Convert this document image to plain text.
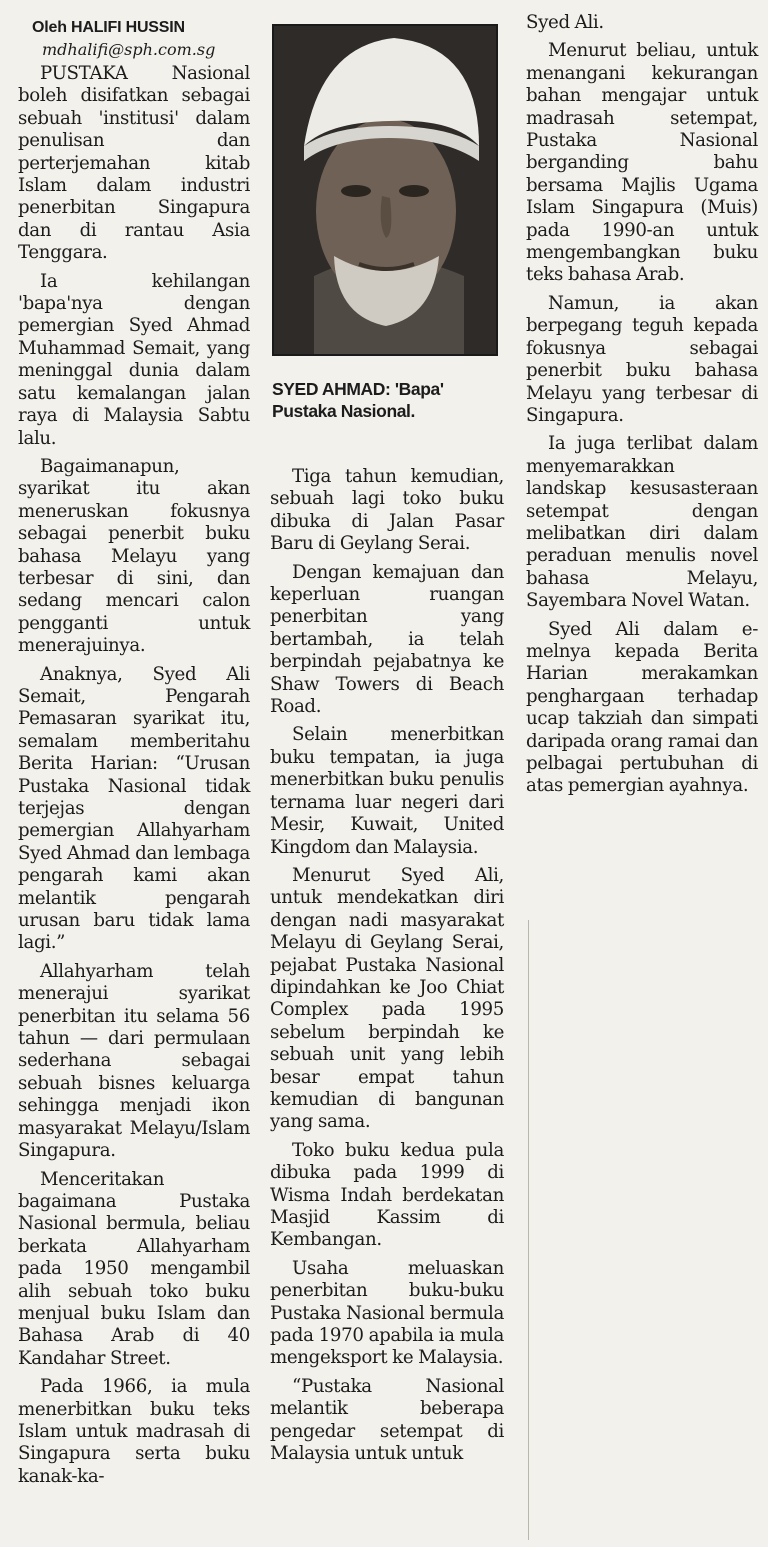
Oleh HALIFI HUSSIN
mdhalifi@sph.com.sg

PUSTAKA Nasional boleh disifatkan sebagai sebuah 'institusi' dalam penulisan dan perterjemahan kitab Islam dalam industri penerbitan Singapura dan di rantau Asia Tenggara.

Ia kehilangan 'bapa'nya dengan pemergian Syed Ahmad Muhammad Semait, yang meninggal dunia dalam satu kemalangan jalan raya di Malaysia Sabtu lalu.

Bagaimanapun, syarikat itu akan meneruskan fokusnya sebagai penerbit buku bahasa Melayu yang terbesar di sini, dan sedang mencari calon pengganti untuk menerajuinya.

Anaknya, Syed Ali Semait, Pengarah Pemasaran syarikat itu, semalam memberitahu Berita Harian: “Urusan Pustaka Nasional tidak terjejas dengan pemergian Allahyarham Syed Ahmad dan lembaga pengarah kami akan melantik pengarah urusan baru tidak lama lagi.”

Allahyarham telah menerajui syarikat penerbitan itu selama 56 tahun — dari permulaan sederhana sebagai sebuah bisnes keluarga sehingga menjadi ikon masyarakat Melayu/Islam Singapura.

Menceritakan bagaimana Pustaka Nasional bermula, beliau berkata Allahyarham pada 1950 mengambil alih sebuah toko buku menjual buku Islam dan Bahasa Arab di 40 Kandahar Street.

Pada 1966, ia mula menerbitkan buku teks Islam untuk madrasah di Singapura serta buku kanak-ka-

SYED AHMAD: 'Bapa' Pustaka Nasional.

Tiga tahun kemudian, sebuah lagi toko buku dibuka di Jalan Pasar Baru di Geylang Serai.

Dengan kemajuan dan keperluan ruangan penerbitan yang bertambah, ia telah berpindah pejabatnya ke Shaw Towers di Beach Road.

Selain menerbitkan buku tempatan, ia juga menerbitkan buku penulis ternama luar negeri dari Mesir, Kuwait, United Kingdom dan Malaysia.

Menurut Syed Ali, untuk mendekatkan diri dengan nadi masyarakat Melayu di Geylang Serai, pejabat Pustaka Nasional dipindahkan ke Joo Chiat Complex pada 1995 sebelum berpindah ke sebuah unit yang lebih besar empat tahun kemudian di bangunan yang sama.

Toko buku kedua pula dibuka pada 1999 di Wisma Indah berdekatan Masjid Kassim di Kembangan.

Usaha meluaskan penerbitan buku-buku Pustaka Nasional bermula pada 1970 apabila ia mula mengeksport ke Malaysia.

“Pustaka Nasional melantik beberapa pengedar setempat di Malaysia untuk untuk

Syed Ali.

Menurut beliau, untuk menangani kekurangan bahan mengajar untuk madrasah setempat, Pustaka Nasional berganding bahu bersama Majlis Ugama Islam Singapura (Muis) pada 1990-an untuk mengembangkan buku teks bahasa Arab.

Namun, ia akan berpegang teguh kepada fokusnya sebagai penerbit buku bahasa Melayu yang terbesar di Singapura.

Ia juga terlibat dalam menyemarakkan landskap kesusasteraan setempat dengan melibatkan diri dalam peraduan menulis novel bahasa Melayu, Sayembara Novel Watan.

Syed Ali dalam e-melnya kepada Berita Harian merakamkan penghargaan terhadap ucap takziah dan simpati daripada orang ramai dan pelbagai pertubuhan di atas pemergian ayahnya.
